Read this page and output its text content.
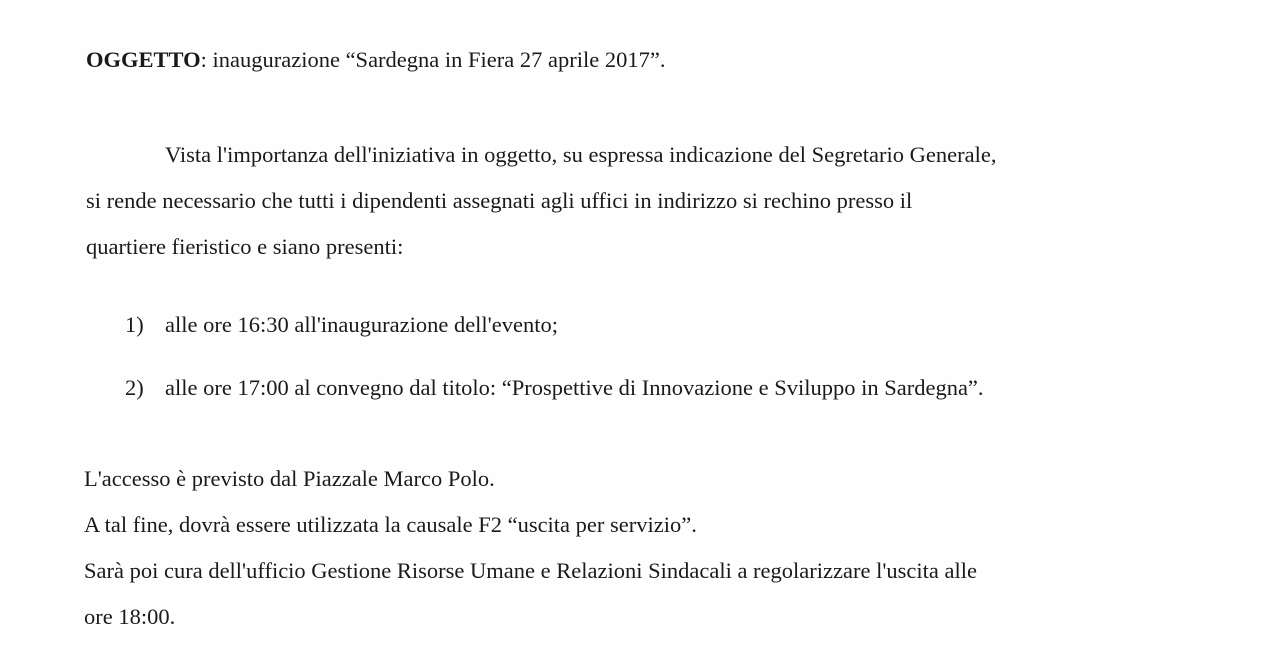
OGGETTO: inaugurazione “Sardegna in Fiera 27 aprile 2017”.
Vista l'importanza dell'iniziativa in oggetto, su espressa indicazione del Segretario Generale,
si rende necessario che tutti i dipendenti assegnati agli uffici in indirizzo si rechino presso il
quartiere fieristico e siano presenti:
1) alle ore 16:30 all'inaugurazione dell'evento;
2) alle ore 17:00 al convegno dal titolo: “Prospettive di Innovazione e Sviluppo in Sardegna”.
L'accesso è previsto dal Piazzale Marco Polo.
A tal fine, dovrà essere utilizzata la causale F2 “uscita per servizio”.
Sarà poi cura dell'ufficio Gestione Risorse Umane e Relazioni Sindacali a regolarizzare l'uscita alle
ore 18:00.
